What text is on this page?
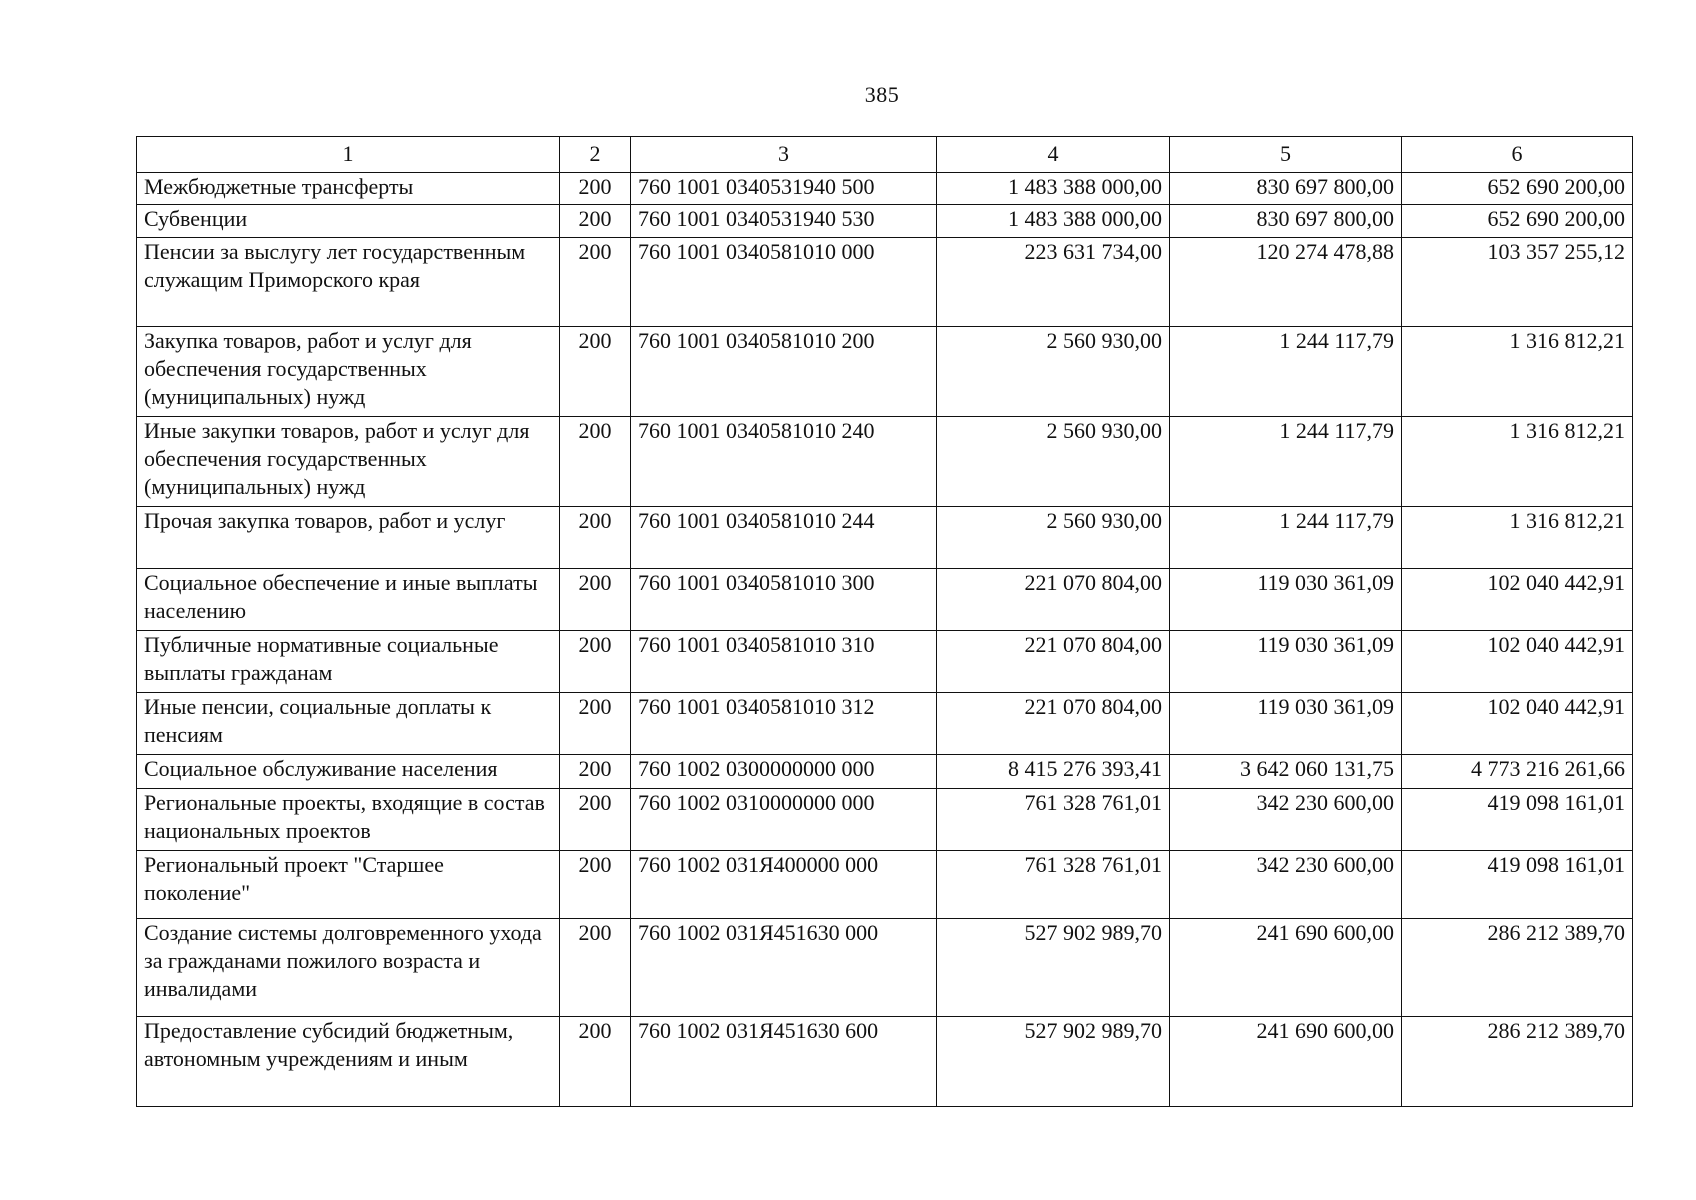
385
1	2	3	4	5	6
Межбюджетные трансферты	200	760 1001 0340531940 500	1 483 388 000,00	830 697 800,00	652 690 200,00
Субвенции	200	760 1001 0340531940 530	1 483 388 000,00	830 697 800,00	652 690 200,00
Пенсии за выслугу лет государственным служащим Приморского края	200	760 1001 0340581010 000	223 631 734,00	120 274 478,88	103 357 255,12
Закупка товаров, работ и услуг для обеспечения государственных (муниципальных) нужд	200	760 1001 0340581010 200	2 560 930,00	1 244 117,79	1 316 812,21
Иные закупки товаров, работ и услуг для обеспечения государственных (муниципальных) нужд	200	760 1001 0340581010 240	2 560 930,00	1 244 117,79	1 316 812,21
Прочая закупка товаров, работ и услуг	200	760 1001 0340581010 244	2 560 930,00	1 244 117,79	1 316 812,21
Социальное обеспечение и иные выплаты населению	200	760 1001 0340581010 300	221 070 804,00	119 030 361,09	102 040 442,91
Публичные нормативные социальные выплаты гражданам	200	760 1001 0340581010 310	221 070 804,00	119 030 361,09	102 040 442,91
Иные пенсии, социальные доплаты к пенсиям	200	760 1001 0340581010 312	221 070 804,00	119 030 361,09	102 040 442,91
Социальное обслуживание населения	200	760 1002 0300000000 000	8 415 276 393,41	3 642 060 131,75	4 773 216 261,66
Региональные проекты, входящие в состав национальных проектов	200	760 1002 0310000000 000	761 328 761,01	342 230 600,00	419 098 161,01
Региональный проект "Старшее поколение"	200	760 1002 031Я400000 000	761 328 761,01	342 230 600,00	419 098 161,01
Создание системы долговременного ухода за гражданами пожилого возраста и инвалидами	200	760 1002 031Я451630 000	527 902 989,70	241 690 600,00	286 212 389,70
Предоставление субсидий бюджетным, автономным учреждениям и иным	200	760 1002 031Я451630 600	527 902 989,70	241 690 600,00	286 212 389,70
